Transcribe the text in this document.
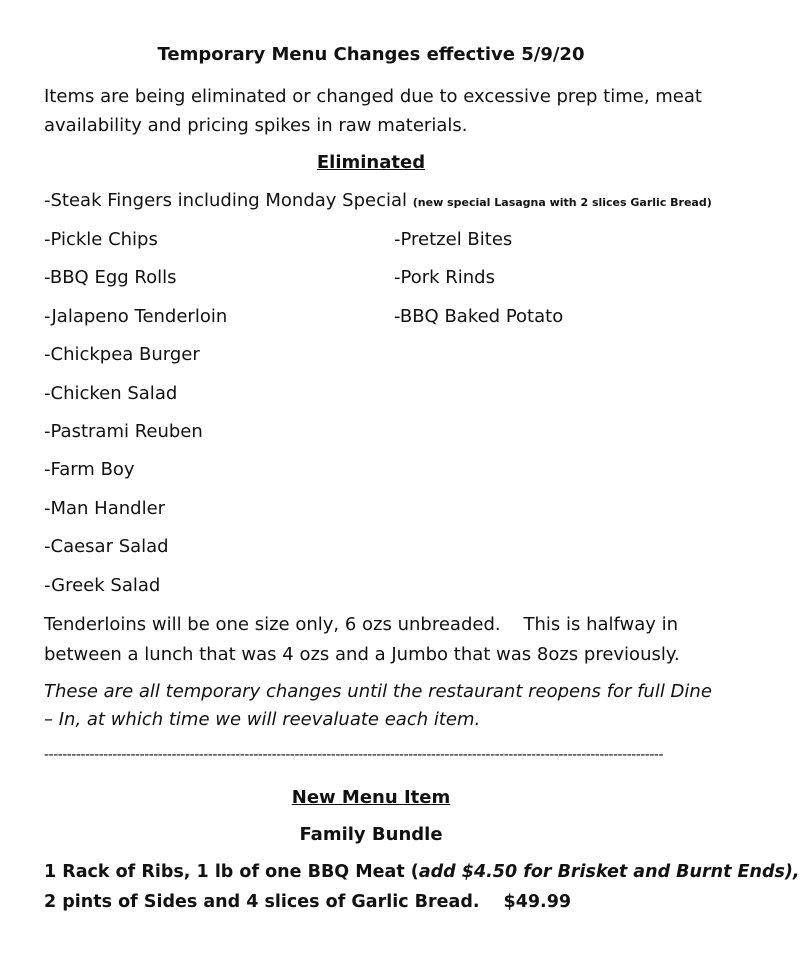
Temporary Menu Changes effective 5/9/20
Items are being eliminated or changed due to excessive prep time, meat
availability and pricing spikes in raw materials.
Eliminated
-Steak Fingers including Monday Special (new special Lasagna with 2 slices Garlic Bread)
-Pickle Chips
-BBQ Egg Rolls
-Jalapeno Tenderloin
-Chickpea Burger
-Chicken Salad
-Pastrami Reuben
-Farm Boy
-Man Handler
-Caesar Salad
-Greek Salad
-Pretzel Bites
-Pork Rinds
-BBQ Baked Potato
Tenderloins will be one size only, 6 ozs unbreaded.    This is halfway in
between a lunch that was 4 ozs and a Jumbo that was 8ozs previously.
These are all temporary changes until the restaurant reopens for full Dine
– In, at which time we will reevaluate each item.
----------------------------------------------------------------------------------------------------------------------------------------
New Menu Item
Family Bundle
1 Rack of Ribs, 1 lb of one BBQ Meat (add $4.50 for Brisket and Burnt Ends),
2 pints of Sides and 4 slices of Garlic Bread. $49.99
